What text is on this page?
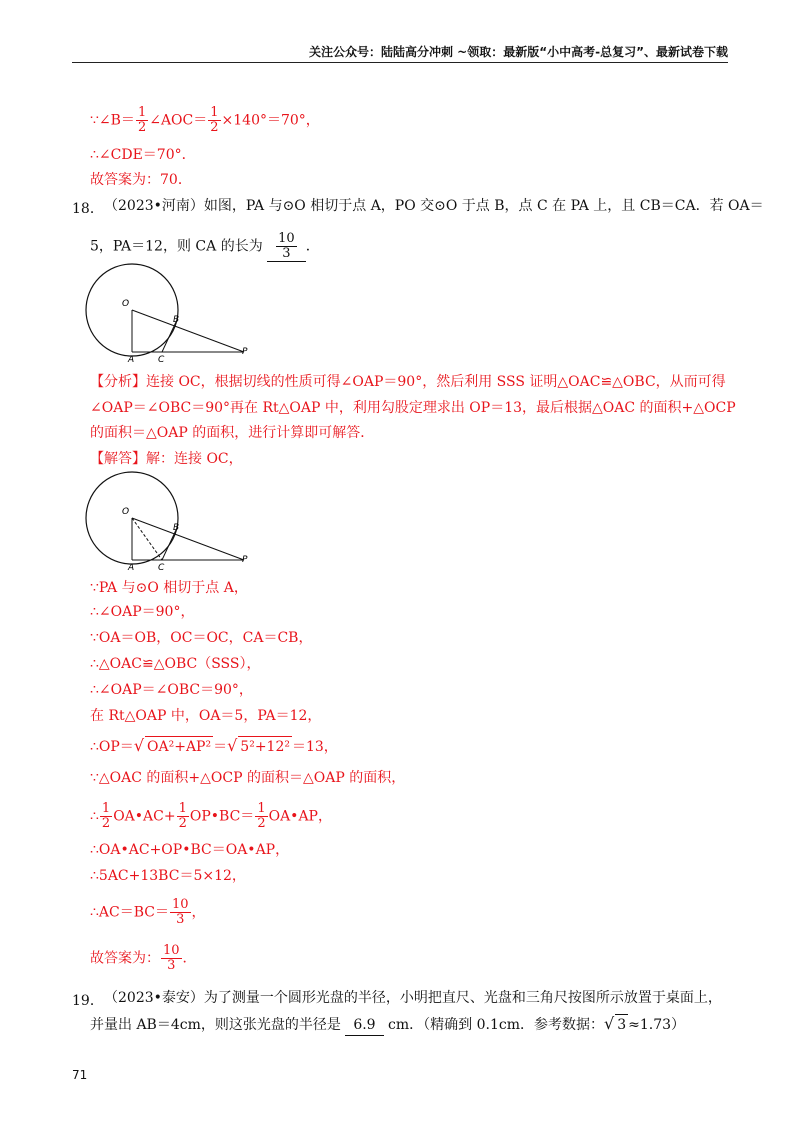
关注公众号：陆陆高分冲刺 ~领取：最新版“小中高考-总复习”、最新试卷下载
∵∠B＝ $\frac{1}{2}$ ∠AOC＝ $\frac{1}{2} \times 140^\circ=70^\circ$，
∴∠CDE＝70°．
故答案为：70．
18． （2023•河南）如图，PA 与⊙O 相切于点 A，PO 交⊙O 于点 B，点 C 在 PA 上，且 CB＝CA．若 OA＝
5，PA＝12，则 CA 的长为 $\frac{10}{3}$ ．
O
B
A	C
P
【分析】连接 OC，根据切线的性质可得∠OAP＝90°，然后利用 SSS 证明△OAC≌△OBC，从而可得
∠OAP＝∠OBC＝90°再在 Rt△OAP 中，利用勾股定理求出 OP＝13，最后根据△OAC 的面积+△OCP
的面积＝△OAP 的面积，进行计算即可解答．
【解答】解：连接 OC，
O
B
A	C
P
∵PA 与⊙O 相切于点 A，
∴∠OAP＝90°，
∵OA＝OB，OC＝OC，CA＝CB，
∴△OAC≌△OBC（SSS），
∴∠OAP＝∠OBC＝90°，
在 Rt△OAP 中，OA＝5，PA＝12，
∴OP＝√ OA²+AP² ＝√ 5²+12² ＝13，
∵△OAC 的面积+△OCP 的面积＝△OAP 的面积，
∴ $\frac{1}{2}$ OA•AC+ $\frac{1}{2}$ OP•BC＝ $\frac{1}{2}$ OA•AP，
∴OA•AC+OP•BC＝OA•AP，
∴5AC+13BC＝5×12，
∴AC＝BC＝ $\frac{10}{3}$ ，
故答案为： $\frac{10}{3}$ ．
19． （2023•泰安）为了测量一个圆形光盘的半径，小明把直尺、光盘和三角尺按图所示放置于桌面上，
并量出 AB＝4cm，则这张光盘的半径是 6.9 cm．（精确到 0.1cm．参考数据：√ 3 ≈1.73）
71
